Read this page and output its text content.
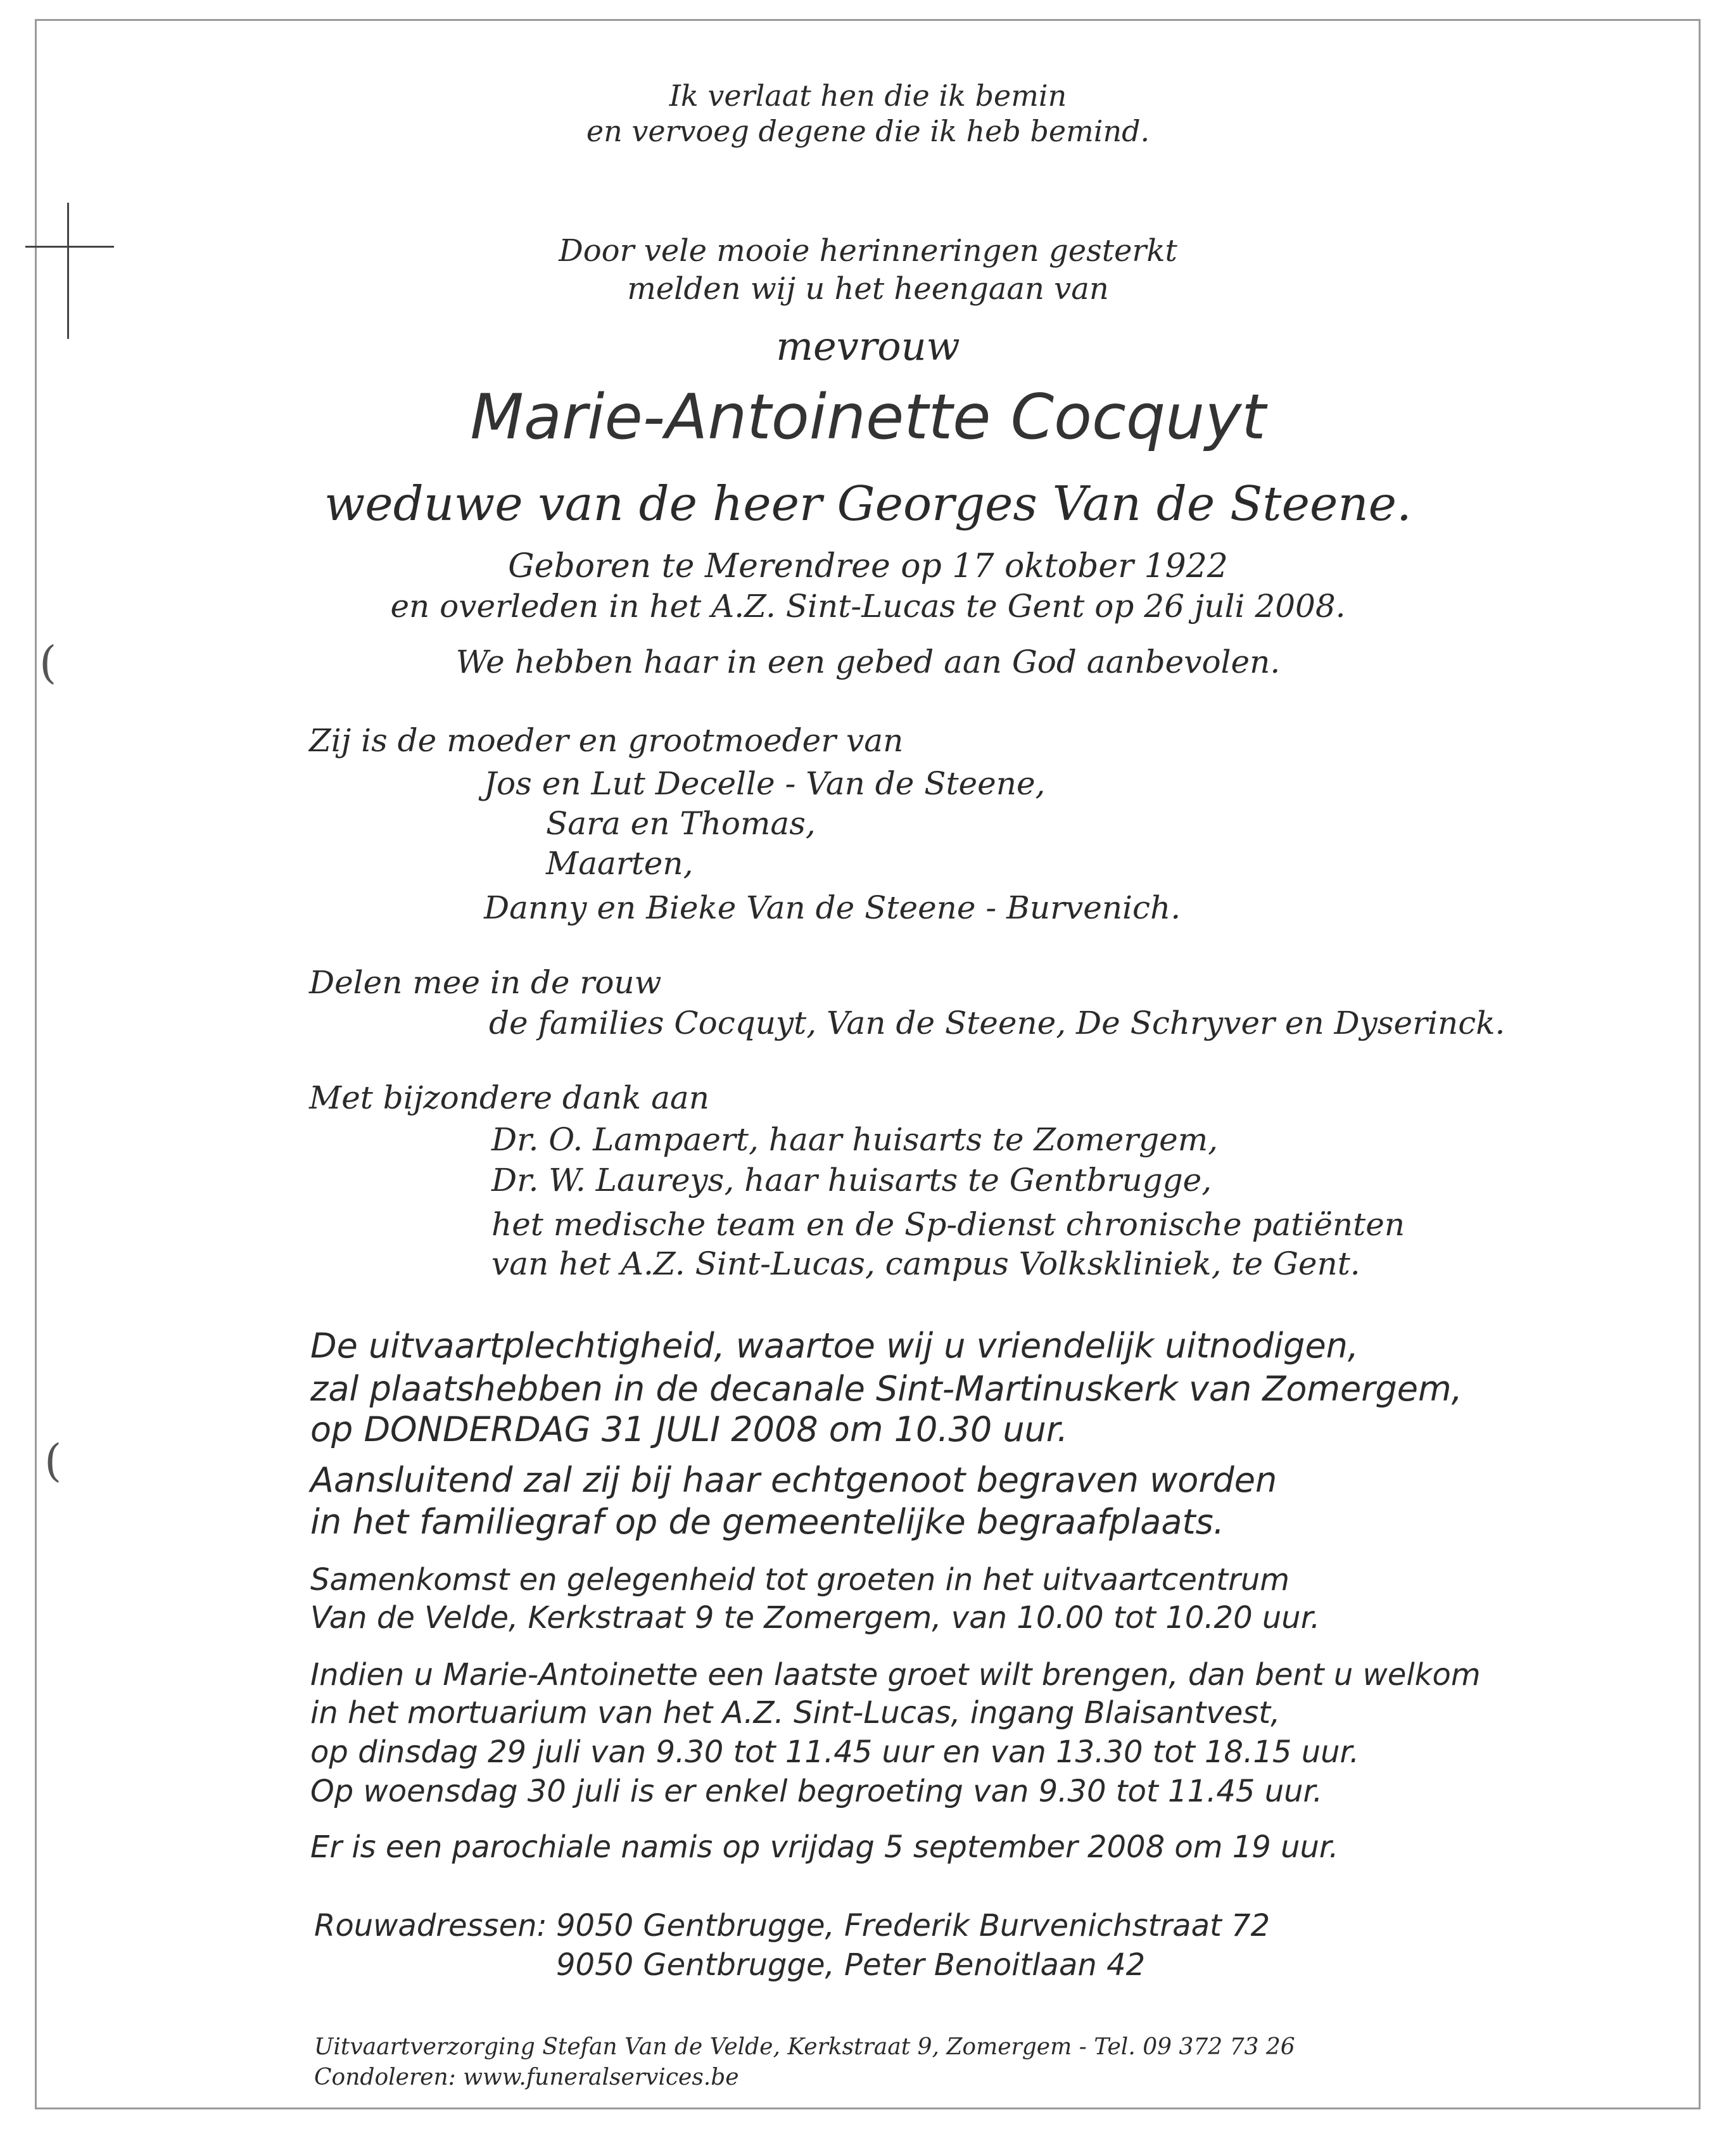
(
(

Ik verlaat hen die ik bemin

en vervoeg degene die ik heb bemind.

Door vele mooie herinneringen gesterkt

melden wij u het heengaan van

mevrouw

Marie-Antoinette Cocquyt

weduwe van de heer Georges Van de Steene.

Geboren te Merendree op 17 oktober 1922

en overleden in het A.Z. Sint-Lucas te Gent op 26 juli 2008.

We hebben haar in een gebed aan God aanbevolen.

Zij is de moeder en grootmoeder van

Jos en Lut Decelle - Van de Steene,

Sara en Thomas,

Maarten,

Danny en Bieke Van de Steene - Burvenich.

Delen mee in de rouw

de families Cocquyt, Van de Steene, De Schryver en Dyserinck.

Met bijzondere dank aan

Dr. O. Lampaert, haar huisarts te Zomergem,

Dr. W. Laureys, haar huisarts te Gentbrugge,

het medische team en de Sp-dienst chronische patiënten

van het A.Z. Sint-Lucas, campus Volkskliniek, te Gent.

De uitvaartplechtigheid, waartoe wij u vriendelijk uitnodigen,

zal plaatshebben in de decanale Sint-Martinuskerk van Zomergem,

op DONDERDAG 31 JULI 2008 om 10.30 uur.

Aansluitend zal zij bij haar echtgenoot begraven worden

in het familiegraf op de gemeentelijke begraafplaats.

Samenkomst en gelegenheid tot groeten in het uitvaartcentrum

Van de Velde, Kerkstraat 9 te Zomergem, van 10.00 tot 10.20 uur.

Indien u Marie-Antoinette een laatste groet wilt brengen, dan bent u welkom

in het mortuarium van het A.Z. Sint-Lucas, ingang Blaisantvest,

op dinsdag 29 juli van 9.30 tot 11.45 uur en van 13.30 tot 18.15 uur.

Op woensdag 30 juli is er enkel begroeting van 9.30 tot 11.45 uur.

Er is een parochiale namis op vrijdag 5 september 2008 om 19 uur.

Rouwadressen: 9050 Gentbrugge, Frederik Burvenichstraat 72

9050 Gentbrugge, Peter Benoitlaan 42

Uitvaartverzorging Stefan Van de Velde, Kerkstraat 9, Zomergem - Tel. 09 372 73 26

Condoleren: www.funeralservices.be
